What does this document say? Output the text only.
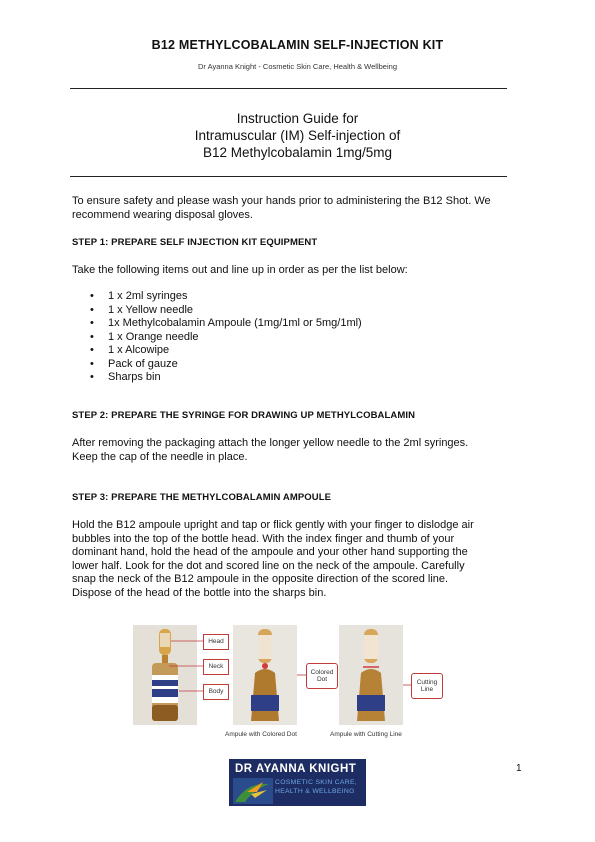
B12 METHYLCOBALAMIN SELF-INJECTION KIT
Dr Ayanna Knight - Cosmetic Skin Care, Health & Wellbeing
Instruction Guide for
Intramuscular (IM) Self-injection of
B12 Methylcobalamin 1mg/5mg
To ensure safety and please wash your hands prior to administering the B12 Shot. We
recommend wearing disposal gloves.
STEP 1: PREPARE SELF INJECTION KIT EQUIPMENT
Take the following items out and line up in order as per the list below:
• 1 x 2ml syringes
• 1 x Yellow needle
• 1x Methylcobalamin Ampoule (1mg/1ml or 5mg/1ml)
• 1 x Orange needle
• 1 x Alcowipe
• Pack of gauze
• Sharps bin
STEP 2: PREPARE THE SYRINGE FOR DRAWING UP METHYLCOBALAMIN
After removing the packaging attach the longer yellow needle to the 2ml syringes.
Keep the cap of the needle in place.
STEP 3: PREPARE THE METHYLCOBALAMIN AMPOULE
Hold the B12 ampoule upright and tap or flick gently with your finger to dislodge air
bubbles into the top of the bottle head. With the index finger and thumb of your
dominant hand, hold the head of the ampoule and your other hand supporting the
lower half. Look for the dot and scored line on the neck of the ampoule. Carefully
snap the neck of the B12 ampoule in the opposite direction of the scored line.
Dispose of the head of the bottle into the sharps bin.
Head
Neck
Body
Colored Dot	Cutting Line
Ampule with Colored Dot	Ampule with Cutting Line
DR AYANNA KNIGHT
COSMETIC SKIN CARE,
HEALTH & WELLBEING
1
